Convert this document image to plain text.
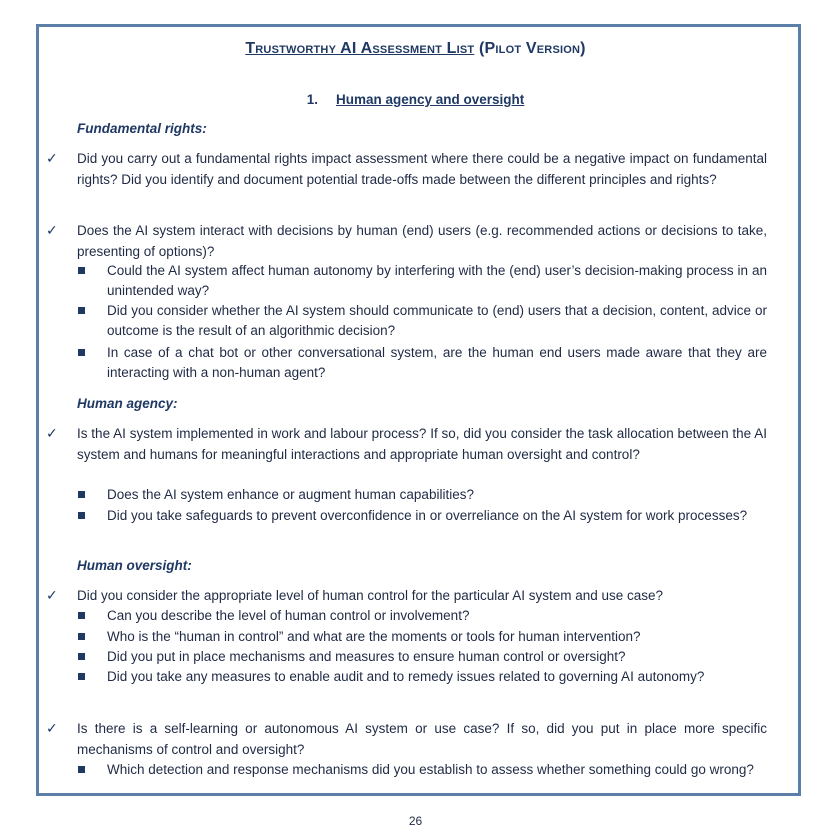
Trustworthy AI Assessment List (Pilot Version)
1. Human agency and oversight

Fundamental rights:

✓ Did you carry out a fundamental rights impact assessment where there could be a negative impact on fundamental rights? Did you identify and document potential trade-offs made between the different principles and rights?

✓ Does the AI system interact with decisions by human (end) users (e.g. recommended actions or decisions to take, presenting of options)?

Could the AI system affect human autonomy by interfering with the (end) user’s decision-making process in an unintended way?

Did you consider whether the AI system should communicate to (end) users that a decision, content, advice or outcome is the result of an algorithmic decision?

In case of a chat bot or other conversational system, are the human end users made aware that they are interacting with a non-human agent?

Human agency:

✓ Is the AI system implemented in work and labour process? If so, did you consider the task allocation between the AI system and humans for meaningful interactions and appropriate human oversight and control?

Does the AI system enhance or augment human capabilities?

Did you take safeguards to prevent overconfidence in or overreliance on the AI system for work processes?

Human oversight:

✓ Did you consider the appropriate level of human control for the particular AI system and use case?

Can you describe the level of human control or involvement?

Who is the “human in control” and what are the moments or tools for human intervention?

Did you put in place mechanisms and measures to ensure human control or oversight?

Did you take any measures to enable audit and to remedy issues related to governing AI autonomy?

✓ Is there is a self-learning or autonomous AI system or use case? If so, did you put in place more specific mechanisms of control and oversight?

Which detection and response mechanisms did you establish to assess whether something could go wrong?

26
